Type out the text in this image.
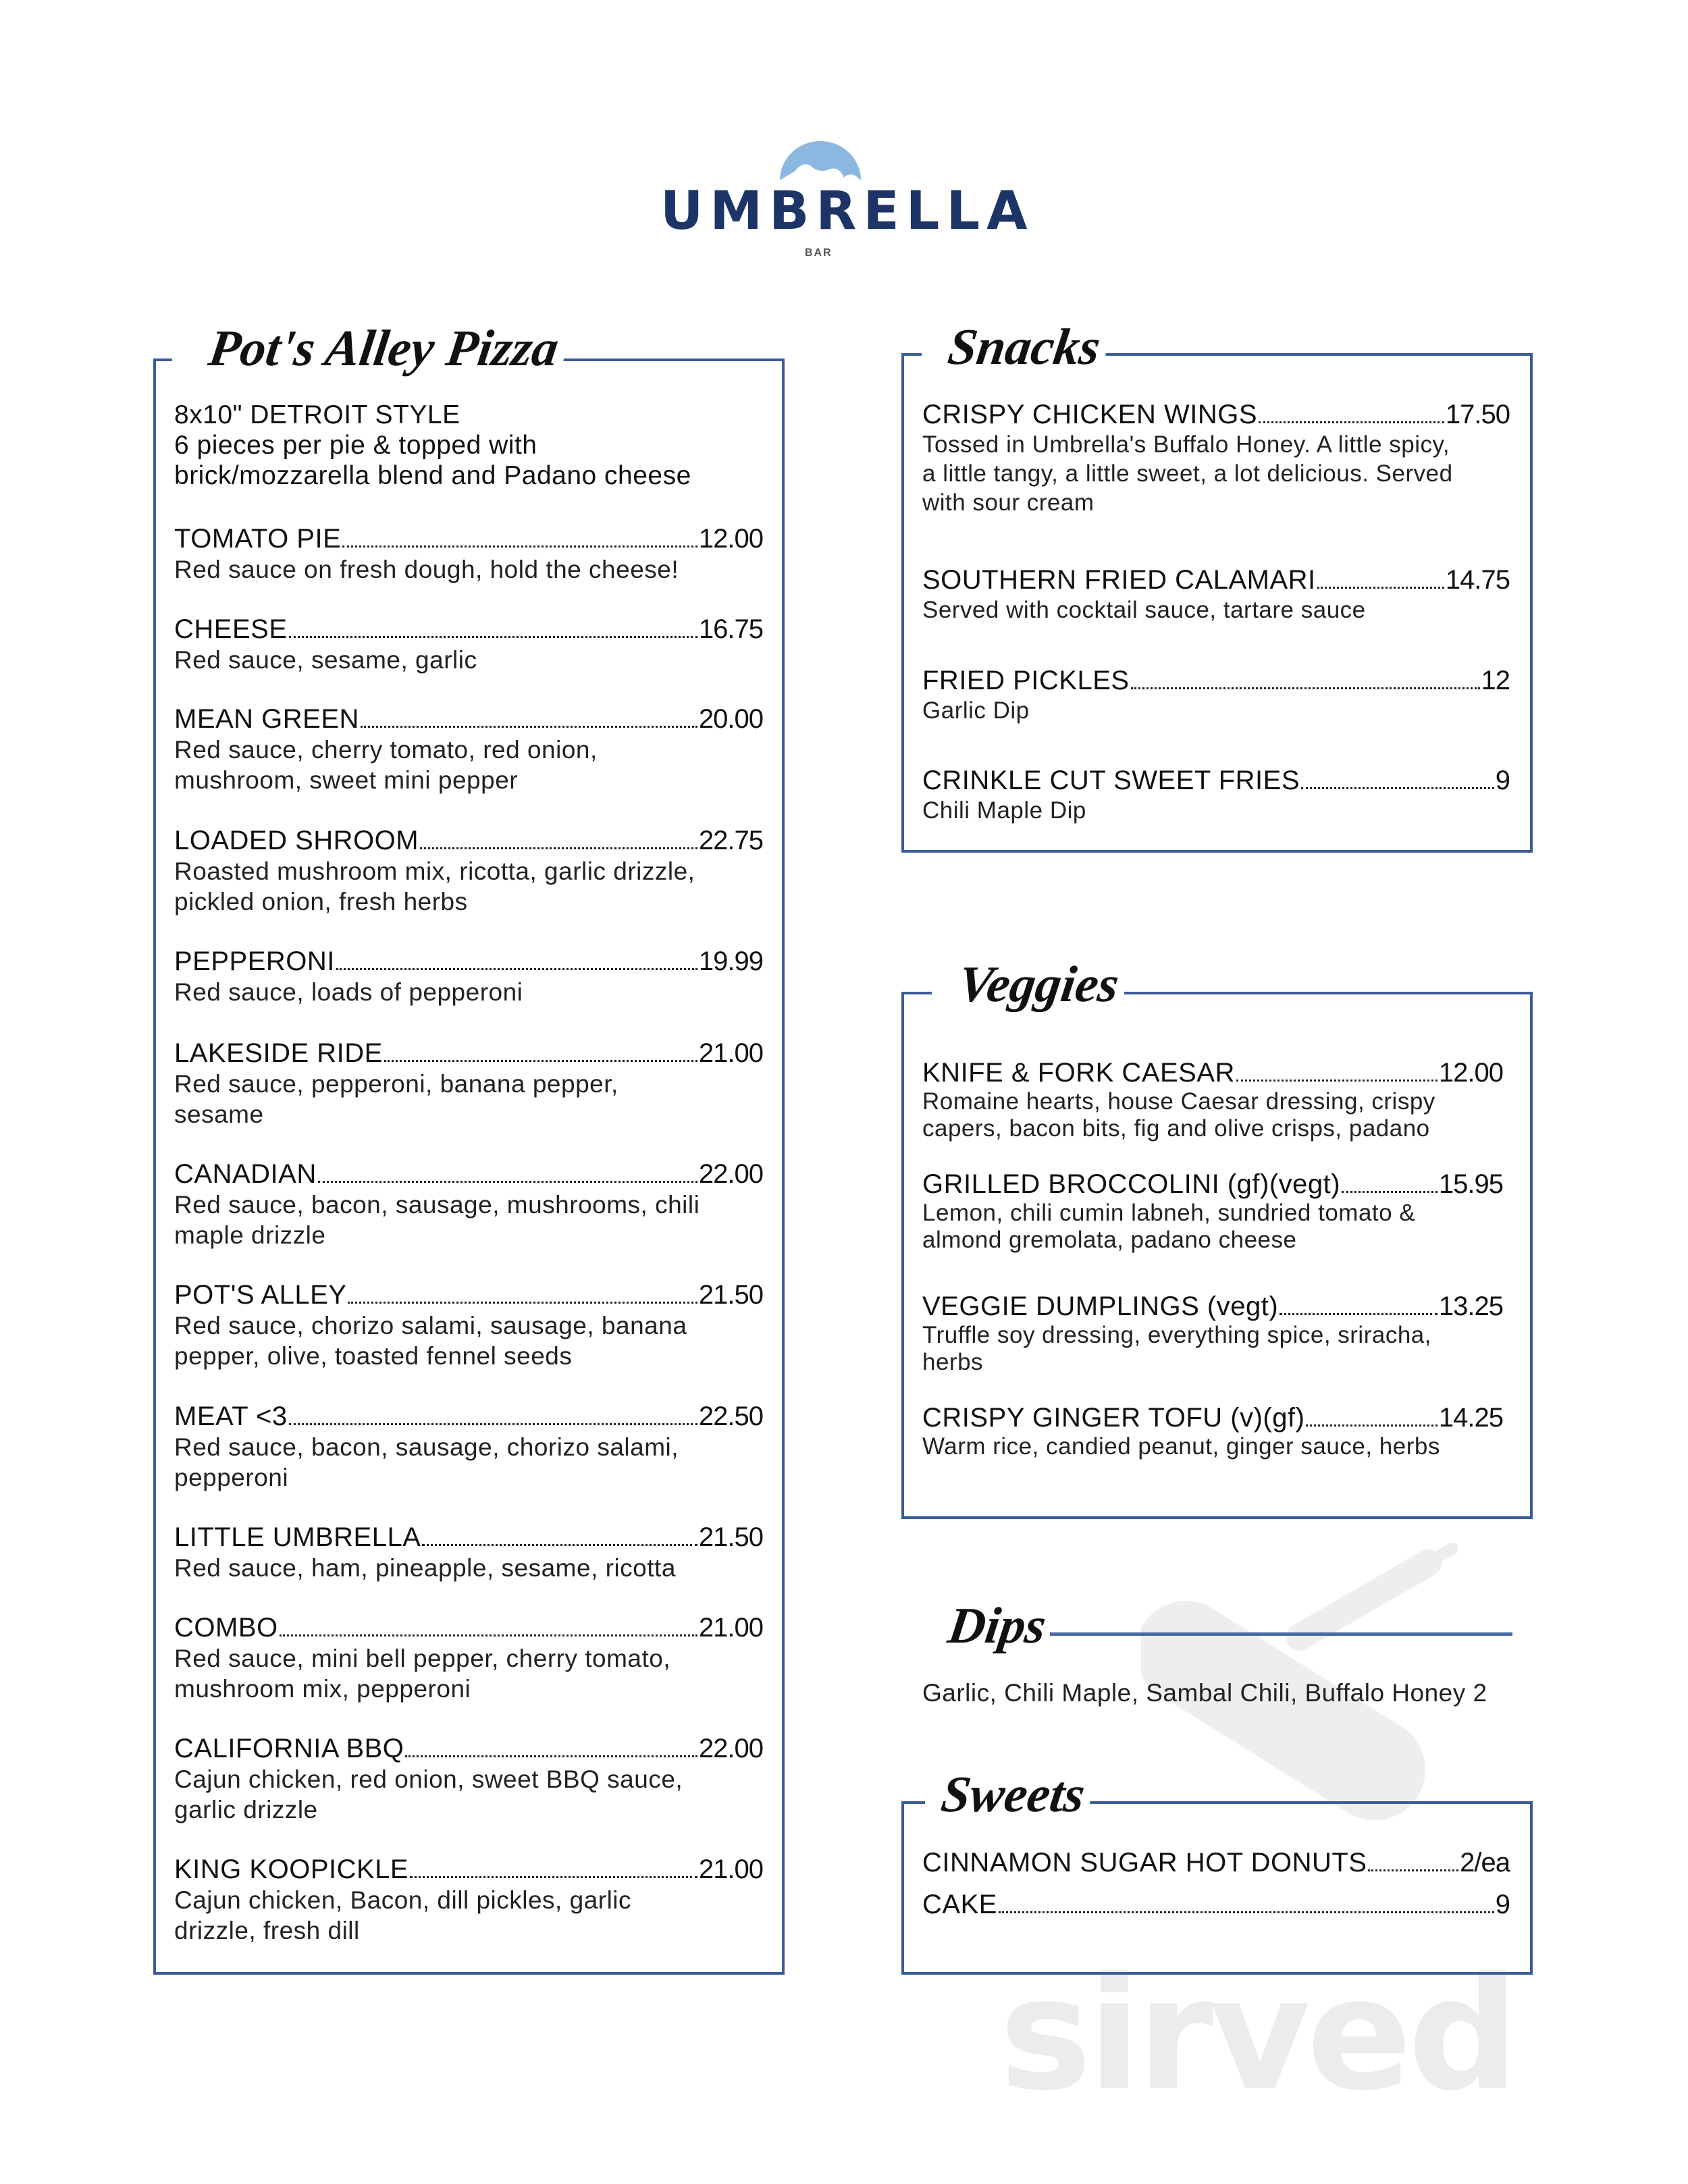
UMBRELLA
BAR
sirved
Pot's Alley Pizza
8x10" DETROIT STYLE
6 pieces per pie & topped with
brick/mozzarella blend and Padano cheese
TOMATO PIE	12.00
Red sauce on fresh dough, hold the cheese!
CHEESE	16.75
Red sauce, sesame, garlic
MEAN GREEN	20.00
Red sauce, cherry tomato, red onion,
mushroom, sweet mini pepper
LOADED SHROOM	22.75
Roasted mushroom mix, ricotta, garlic drizzle,
pickled onion, fresh herbs
PEPPERONI	19.99
Red sauce, loads of pepperoni
LAKESIDE RIDE	21.00
Red sauce, pepperoni, banana pepper,
sesame
CANADIAN	22.00
Red sauce, bacon, sausage, mushrooms, chili
maple drizzle
POT'S ALLEY	21.50
Red sauce, chorizo salami, sausage, banana
pepper, olive, toasted fennel seeds
MEAT <3	22.50
Red sauce, bacon, sausage, chorizo salami,
pepperoni
LITTLE UMBRELLA	21.50
Red sauce, ham, pineapple, sesame, ricotta
COMBO	21.00
Red sauce, mini bell pepper, cherry tomato,
mushroom mix, pepperoni
CALIFORNIA BBQ	22.00
Cajun chicken, red onion, sweet BBQ sauce,
garlic drizzle
KING KOOPICKLE	21.00
Cajun chicken, Bacon, dill pickles, garlic
drizzle, fresh dill
Snacks
CRISPY CHICKEN WINGS	17.50
Tossed in Umbrella's Buffalo Honey. A little spicy,
a little tangy, a little sweet, a lot delicious. Served
with sour cream
SOUTHERN FRIED CALAMARI	14.75
Served with cocktail sauce, tartare sauce
FRIED PICKLES	12
Garlic Dip
CRINKLE CUT SWEET FRIES	9
Chili Maple Dip
Veggies
KNIFE & FORK CAESAR	12.00
Romaine hearts, house Caesar dressing, crispy
capers, bacon bits, fig and olive crisps, padano
GRILLED BROCCOLINI (gf)(vegt)	15.95
Lemon, chili cumin labneh, sundried tomato &
almond gremolata, padano cheese
VEGGIE DUMPLINGS (vegt)	13.25
Truffle soy dressing, everything spice, sriracha,
herbs
CRISPY GINGER TOFU (v)(gf)	14.25
Warm rice, candied peanut, ginger sauce, herbs
Dips
Garlic, Chili Maple, Sambal Chili, Buffalo Honey 2
Sweets
CINNAMON SUGAR HOT DONUTS	2/ea
CAKE	9
